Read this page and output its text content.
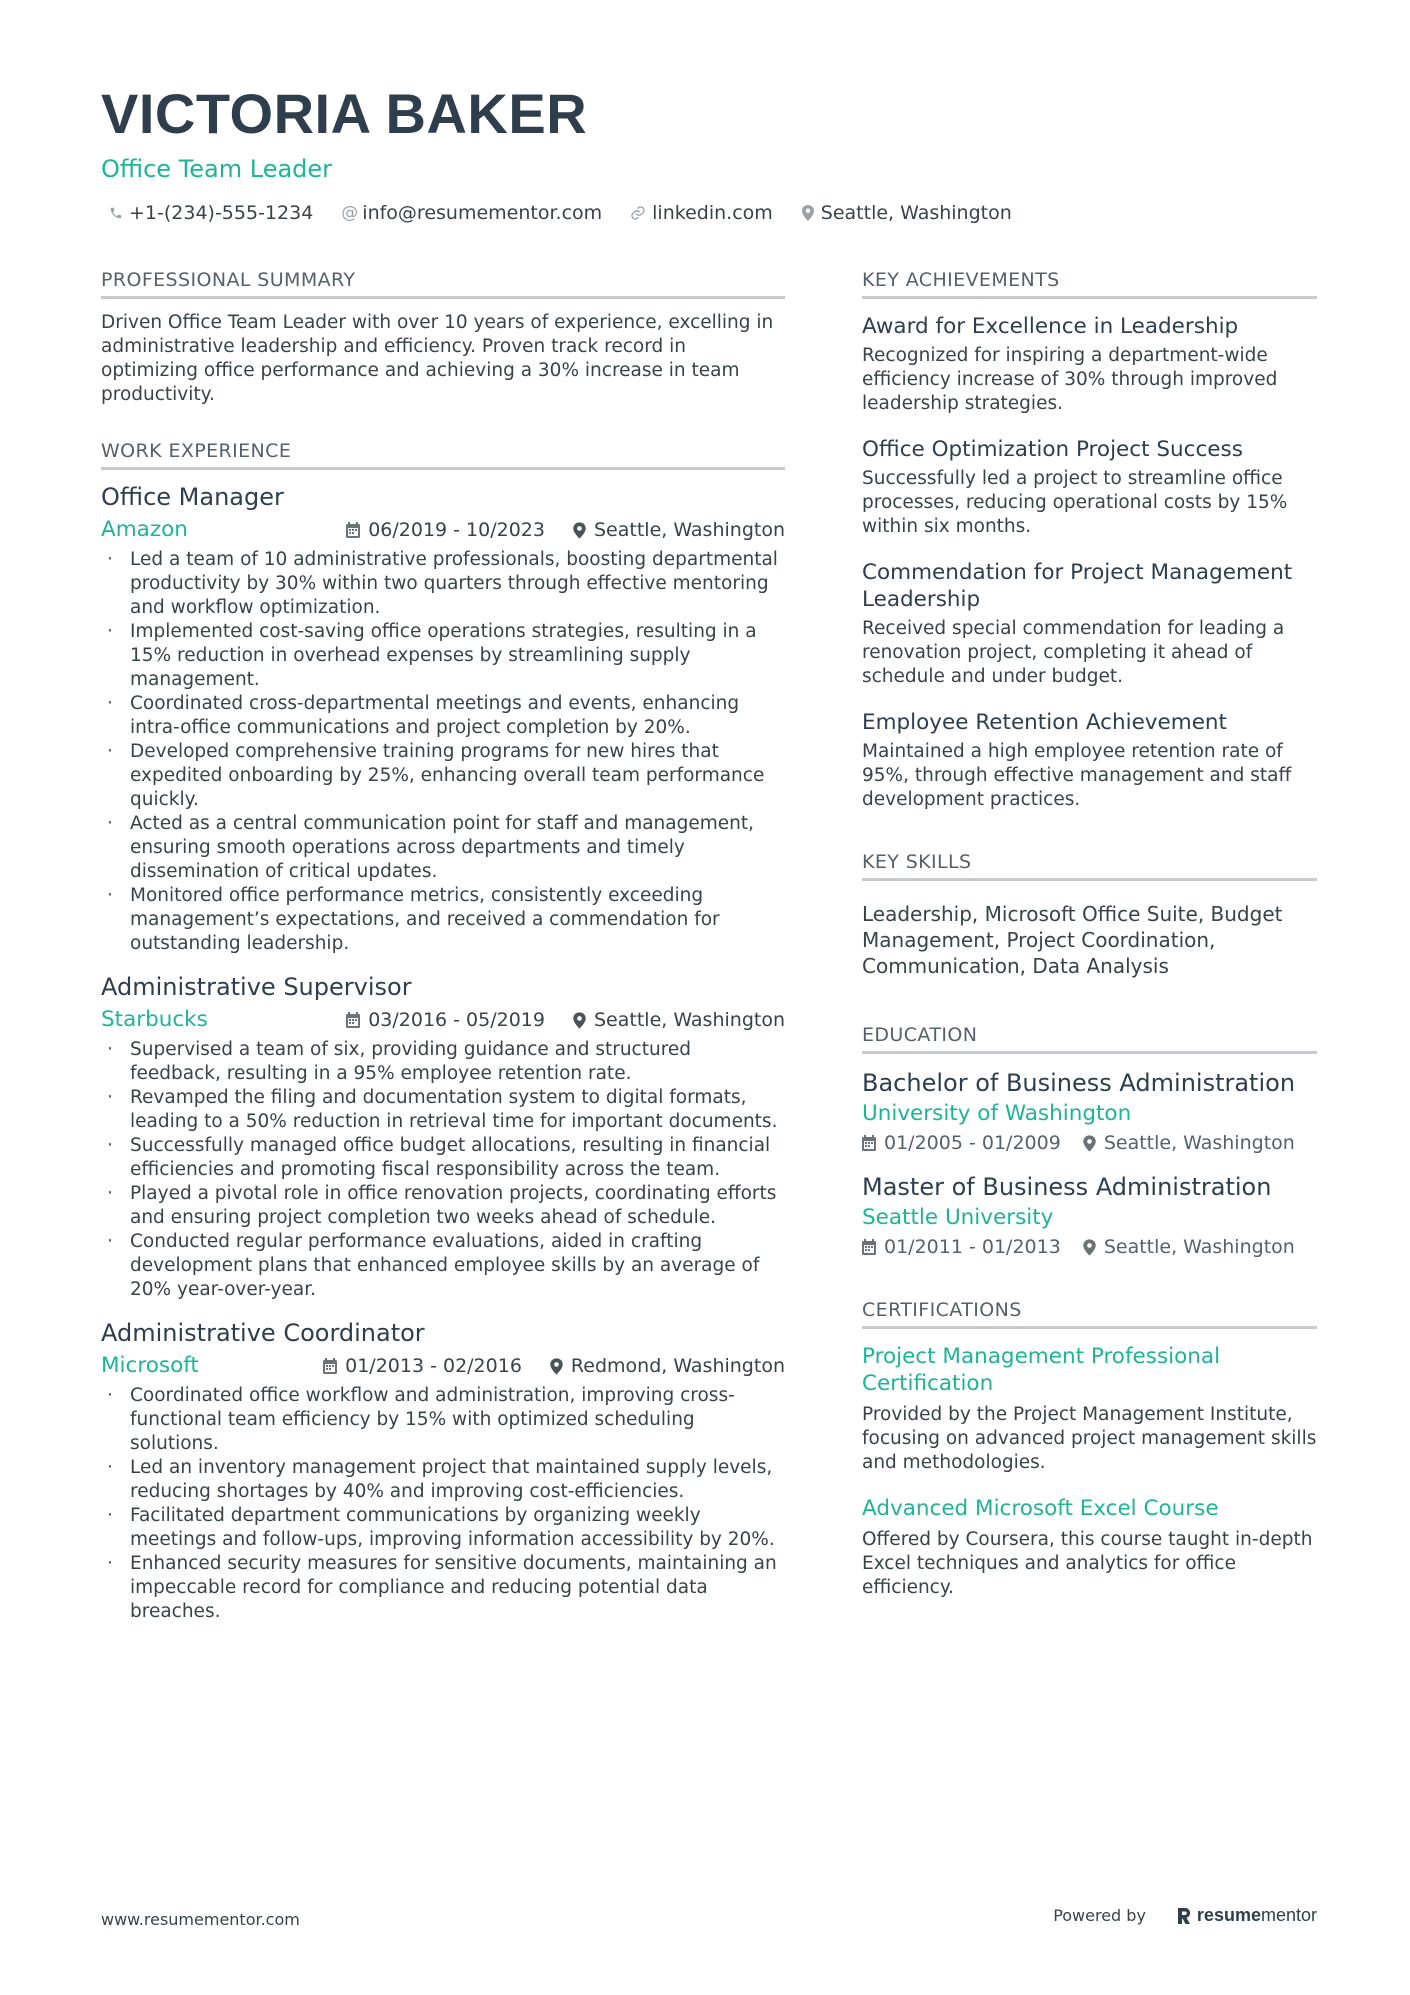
VICTORIA BAKER
Office Team Leader
+1-(234)-555-1234 @ info@resumementor.com	linkedin.com	Seattle, Washington
PROFESSIONAL SUMMARY
Driven Office Team Leader with over 10 years of experience, excelling in administrative leadership and efficiency. Proven track record in optimizing office performance and achieving a 30% increase in team productivity.
WORK EXPERIENCE
Office Manager
Amazon	06/2019 - 10/2023	Seattle, Washington
· Led a team of 10 administrative professionals, boosting departmental productivity by 30% within two quarters through effective mentoring and workflow optimization.
· Implemented cost-saving office operations strategies, resulting in a 15% reduction in overhead expenses by streamlining supply management.
· Coordinated cross-departmental meetings and events, enhancing intra-office communications and project completion by 20%.
· Developed comprehensive training programs for new hires that expedited onboarding by 25%, enhancing overall team performance quickly.
· Acted as a central communication point for staff and management, ensuring smooth operations across departments and timely dissemination of critical updates.
· Monitored office performance metrics, consistently exceeding management’s expectations, and received a commendation for outstanding leadership.
Administrative Supervisor
Starbucks	03/2016 - 05/2019	Seattle, Washington
· Supervised a team of six, providing guidance and structured feedback, resulting in a 95% employee retention rate.
· Revamped the filing and documentation system to digital formats, leading to a 50% reduction in retrieval time for important documents.
· Successfully managed office budget allocations, resulting in financial efficiencies and promoting fiscal responsibility across the team.
· Played a pivotal role in office renovation projects, coordinating efforts and ensuring project completion two weeks ahead of schedule.
· Conducted regular performance evaluations, aided in crafting development plans that enhanced employee skills by an average of 20% year-over-year.
Administrative Coordinator
Microsoft	01/2013 - 02/2016	Redmond, Washington
· Coordinated office workflow and administration, improving cross-functional team efficiency by 15% with optimized scheduling solutions.
· Led an inventory management project that maintained supply levels, reducing shortages by 40% and improving cost-efficiencies.
· Facilitated department communications by organizing weekly meetings and follow-ups, improving information accessibility by 20%.
· Enhanced security measures for sensitive documents, maintaining an impeccable record for compliance and reducing potential data breaches.
KEY ACHIEVEMENTS
Award for Excellence in Leadership
Recognized for inspiring a department-wide efficiency increase of 30% through improved leadership strategies.
Office Optimization Project Success
Successfully led a project to streamline office processes, reducing operational costs by 15% within six months.
Commendation for Project Management Leadership
Received special commendation for leading a renovation project, completing it ahead of schedule and under budget.
Employee Retention Achievement
Maintained a high employee retention rate of 95%, through effective management and staff development practices.
KEY SKILLS
Leadership, Microsoft Office Suite, Budget Management, Project Coordination, Communication, Data Analysis
EDUCATION
Bachelor of Business Administration
University of Washington
01/2005 - 01/2009 Seattle, Washington
Master of Business Administration
Seattle University
01/2011 - 01/2013 Seattle, Washington
CERTIFICATIONS
Project Management Professional Certification
Provided by the Project Management Institute, focusing on advanced project management skills and methodologies.
Advanced Microsoft Excel Course
Offered by Coursera, this course taught in-depth Excel techniques and analytics for office efficiency.
www.resumementor.com	Powered by	resume mentor
